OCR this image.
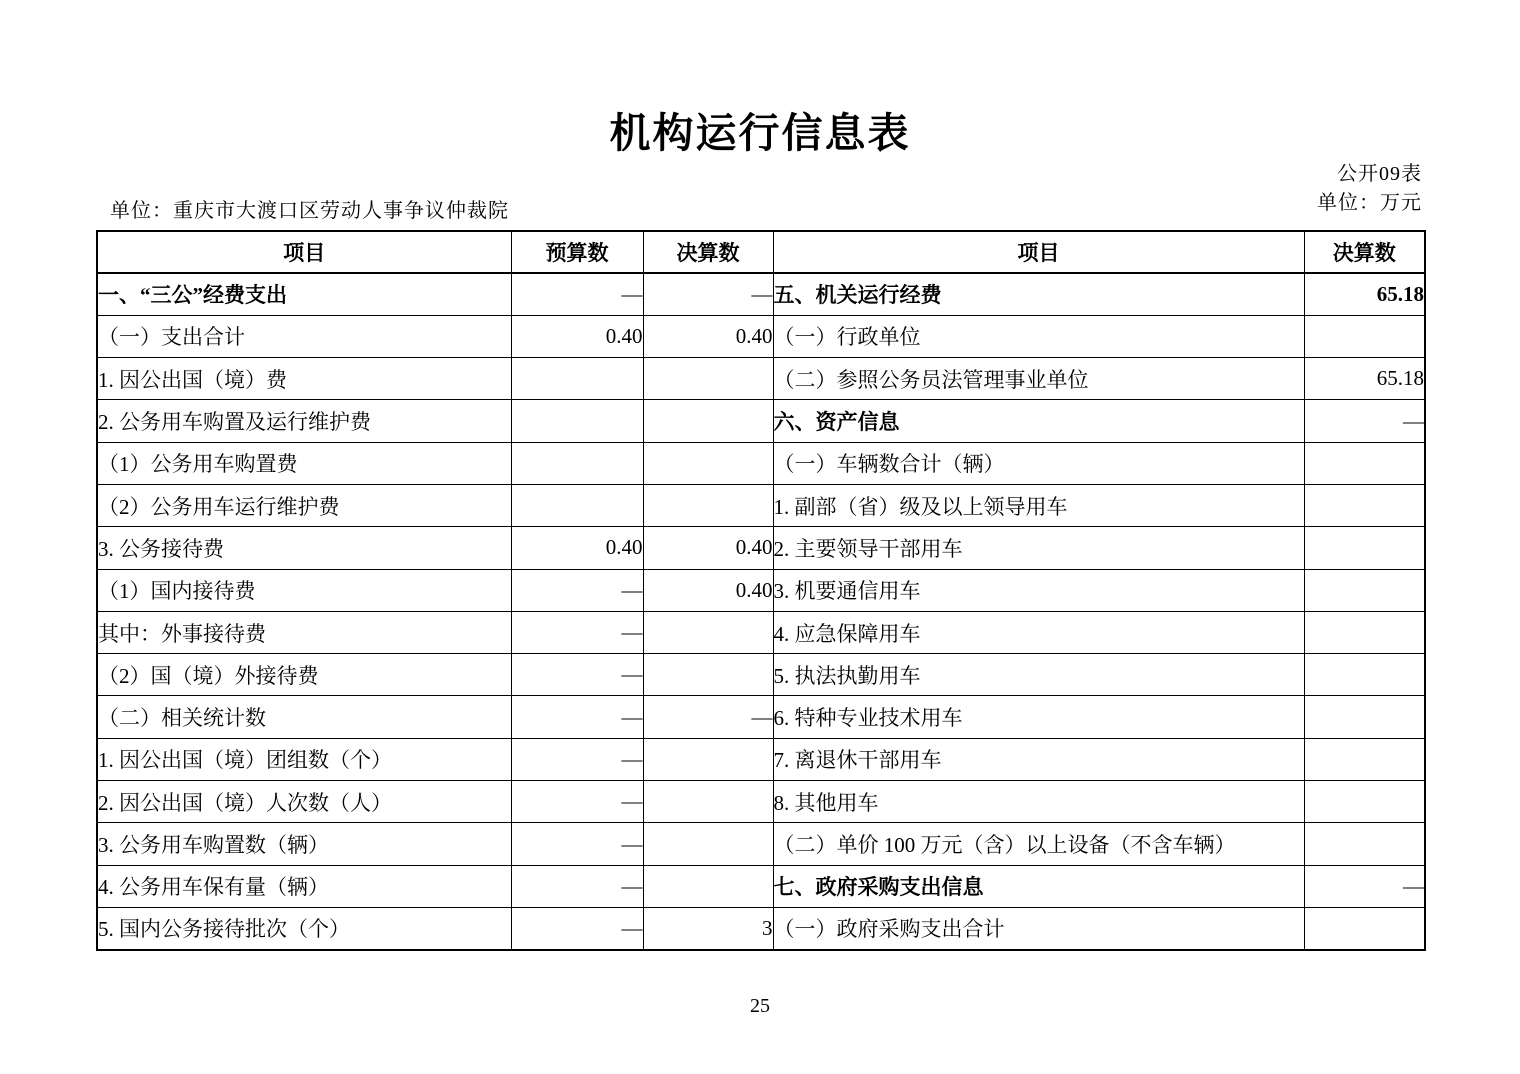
机构运行信息表
公开09表
单位：万元
单位：重庆市大渡口区劳动人事争议仲裁院
项目	预算数	决算数	项目	决算数
一、“三公”经费支出	—	—	五、机关运行经费	65.18
（一）支出合计	0.40	0.40	（一）行政单位	
1. 因公出国（境）费			（二）参照公务员法管理事业单位	65.18
2. 公务用车购置及运行维护费			六、资产信息	—
（1）公务用车购置费			（一）车辆数合计（辆）	
（2）公务用车运行维护费			1. 副部（省）级及以上领导用车	
3. 公务接待费	0.40	0.40	2. 主要领导干部用车	
（1）国内接待费	—	0.40	3. 机要通信用车	
其中：外事接待费	—		4. 应急保障用车	
（2）国（境）外接待费	—		5. 执法执勤用车	
（二）相关统计数	—	—	6. 特种专业技术用车	
1. 因公出国（境）团组数（个）	—		7. 离退休干部用车	
2. 因公出国（境）人次数（人）	—		8. 其他用车	
3. 公务用车购置数（辆）	—		（二）单价 100 万元（含）以上设备（不含车辆）	
4. 公务用车保有量（辆）	—		七、政府采购支出信息	—
5. 国内公务接待批次（个）	—	3	（一）政府采购支出合计	
25
